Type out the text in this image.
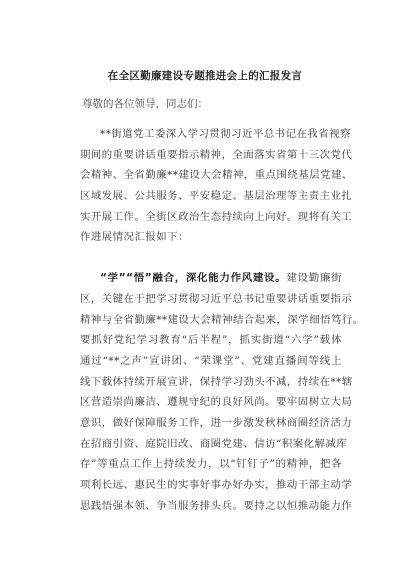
在全区勤廉建设专题推进会上的汇报发言
尊敬的各位领导，同志们：
**街道党工委深入学习贯彻习近平总书记在我省视察
期间的重要讲话重要指示精神，全面落实省第十三次党代
会精神、全省勤廉**建设大会精神，重点围绕基层党建、
区域发展、公共服务、平安稳定、基层治理等主责主业扎
实开展工作。全街区政治生态持续向上向好。现将有关工
作进展情况汇报如下：
“学”“悟”融合，深化能力作风建设。建设勤廉街
区，关键在于把学习贯彻习近平总书记重要讲话重要指示
精神与全省勤廉**建设大会精神结合起来，深学细悟笃行。
要抓好党纪学习教育“后半程”，抓实街道“六学”载体
通过“**之声”宣讲团、“荣课堂”、党建直播间等线上
线下载体持续开展宣讲，保持学习劲头不减，持续在**辖
区营造崇尚廉洁、遵规守纪的良好风尚。要牢固树立大局
意识，做好保障服务工作，进一步激发秋林商圈经济活力
在招商引资、庭院旧改、商圈党建、信访“积案化解减库
存”等重点工作上持续发力，以“钉钉子”的精神，把各
项利长远、惠民生的实事好事办好办实，推动干部主动学
思践悟强本领、争当服务排头兵。要持之以恒推动能力作
